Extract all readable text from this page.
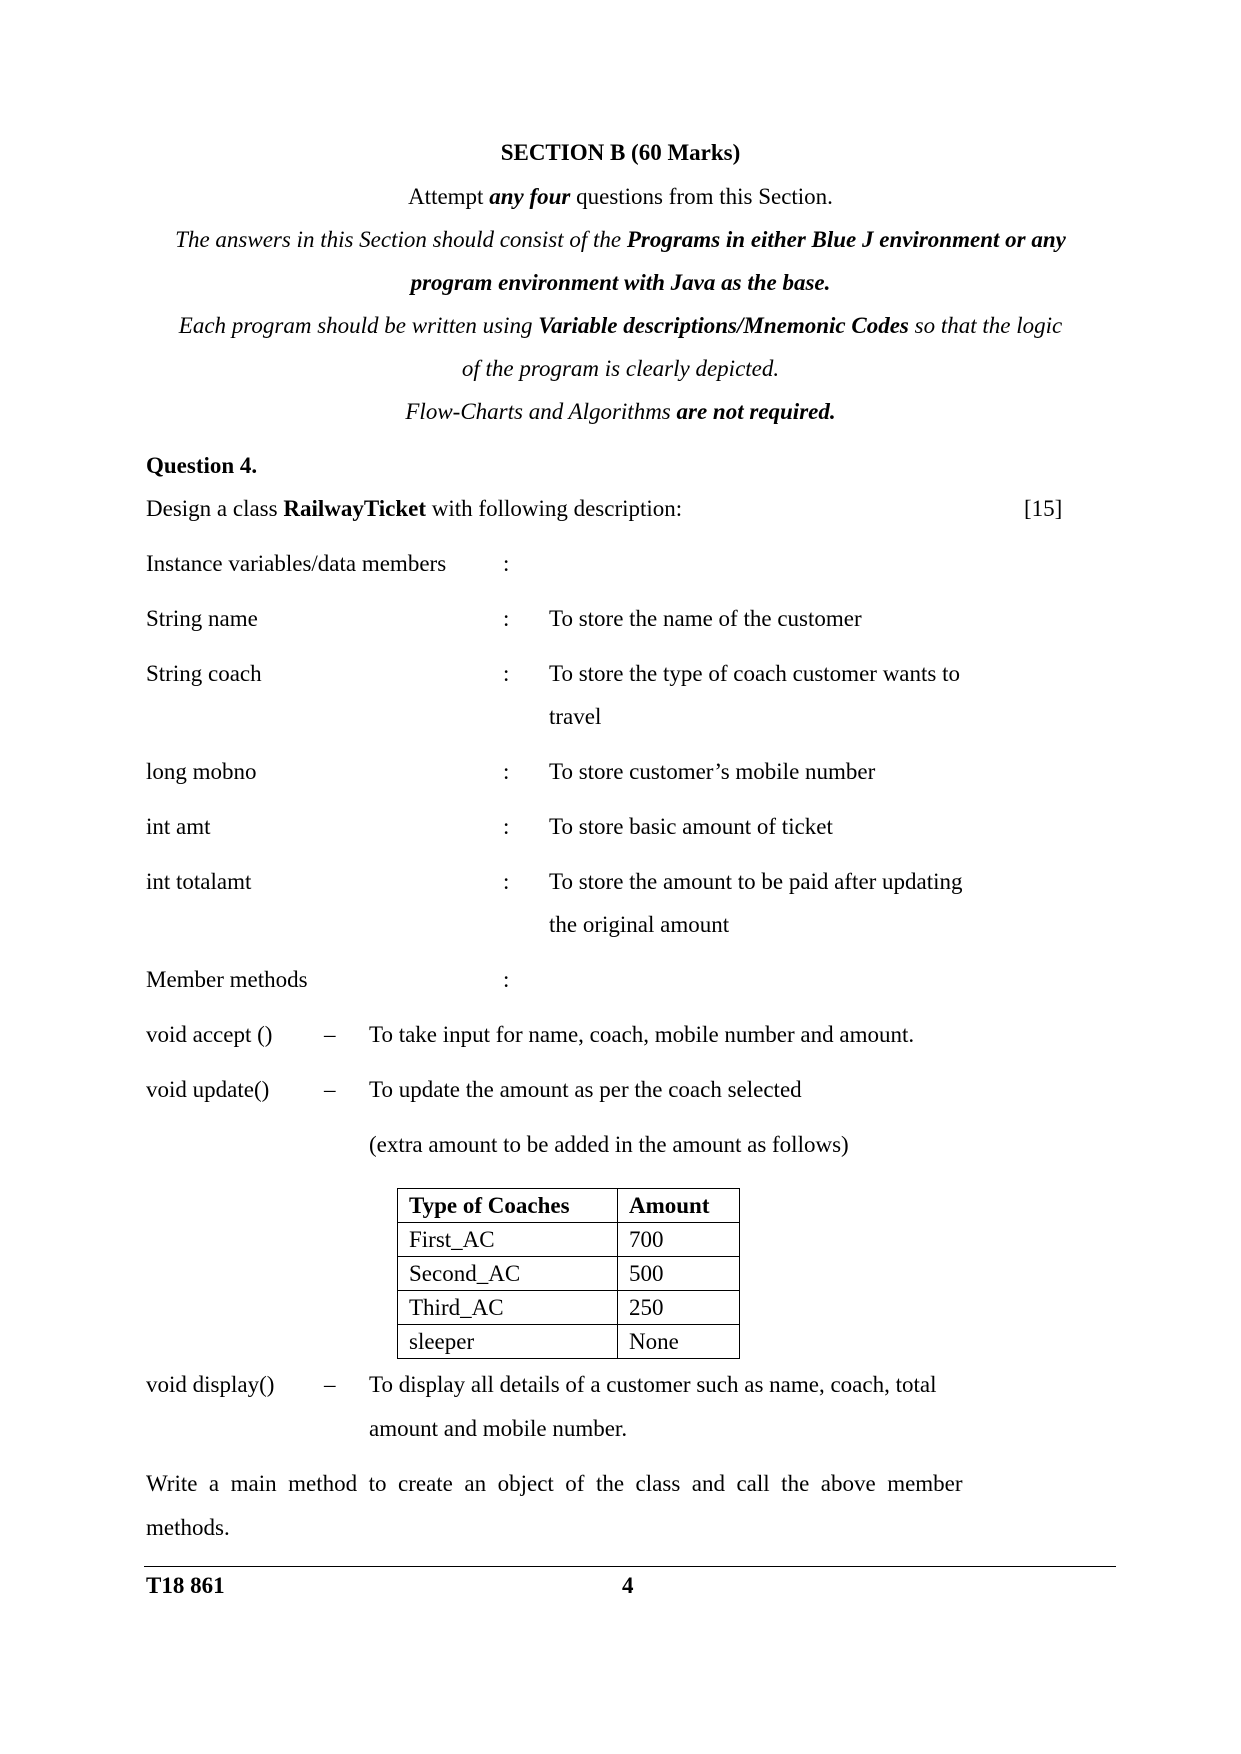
SECTION B (60 Marks)
Attempt any four questions from this Section.
The answers in this Section should consist of the Programs in either Blue J environment or any
program environment with Java as the base.
Each program should be written using Variable descriptions/Mnemonic Codes so that the logic
of the program is clearly depicted.
Flow-Charts and Algorithms are not required.
Question 4.
Design a class RailwayTicket with following description:	[15]
Instance variables/data members :
String name	: To store the name of the customer
String coach	: To store the type of coach customer wants to
travel
long mobno	: To store customer’s mobile number
int amt	: To store basic amount of ticket
int totalamt	: To store the amount to be paid after updating
the original amount
Member methods	:
void accept () – To take input for name, coach, mobile number and amount.
void update() – To update the amount as per the coach selected
(extra amount to be added in the amount as follows)
Type of Coaches	Amount
First_AC	700
Second_AC	500
Third_AC	250
sleeper	None
void display() – To display all details of a customer such as name, coach, total
amount and mobile number.
Write  a  main  method  to  create  an  object  of  the  class  and  call  the  above  member
methods.
T18 861	4
